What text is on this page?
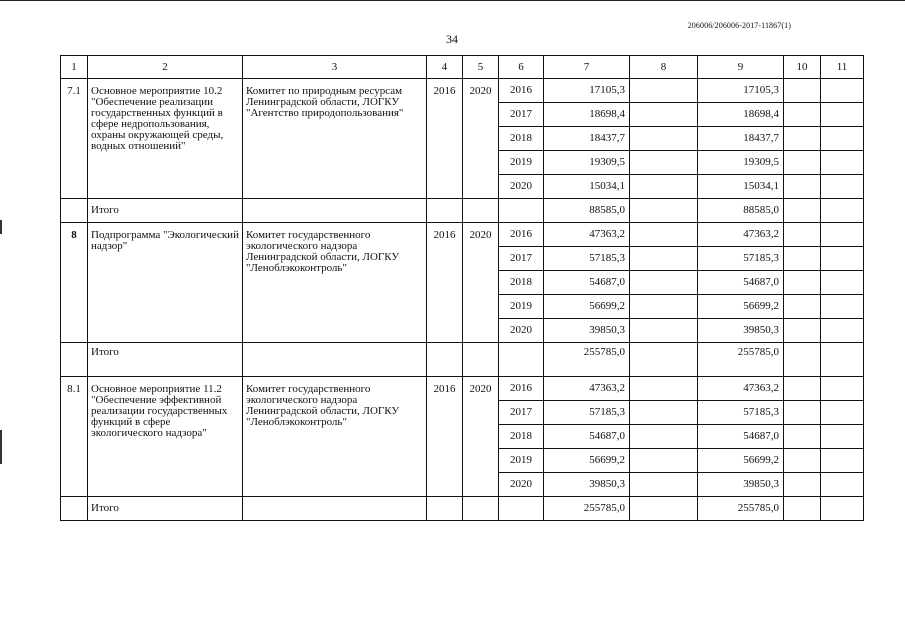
206006/206006-2017-11867(1)
34
1	2	3	4	5	6	7	8	9	10	11
7.1	Основное мероприятие 10.2 "Обеспечение реализации государственных функций в сфере недропользования, охраны окружающей среды, водных отношений"	Комитет по природным ресурсам Ленинградской области, ЛОГКУ "Агентство природопользования"	2016	2020	2016	17105,3		17105,3		
					2017	18698,4		18698,4		
					2018	18437,7		18437,7		
					2019	19309,5		19309,5		
					2020	15034,1		15034,1		
	Итого					88585,0		88585,0		
8	Подпрограмма "Экологический надзор"	Комитет государственного экологического надзора Ленинградской области, ЛОГКУ "Леноблэкоконтроль"	2016	2020	2016	47363,2		47363,2		
					2017	57185,3		57185,3		
					2018	54687,0		54687,0		
					2019	56699,2		56699,2		
					2020	39850,3		39850,3		
	Итого					255785,0		255785,0		
8.1	Основное мероприятие 11.2 "Обеспечение эффективной реализации государственных функций в сфере экологического надзора"	Комитет государственного экологического надзора Ленинградской области, ЛОГКУ "Леноблэкоконтроль"	2016	2020	2016	47363,2		47363,2		
					2017	57185,3		57185,3		
					2018	54687,0		54687,0		
					2019	56699,2		56699,2		
					2020	39850,3		39850,3		
	Итого					255785,0		255785,0		
